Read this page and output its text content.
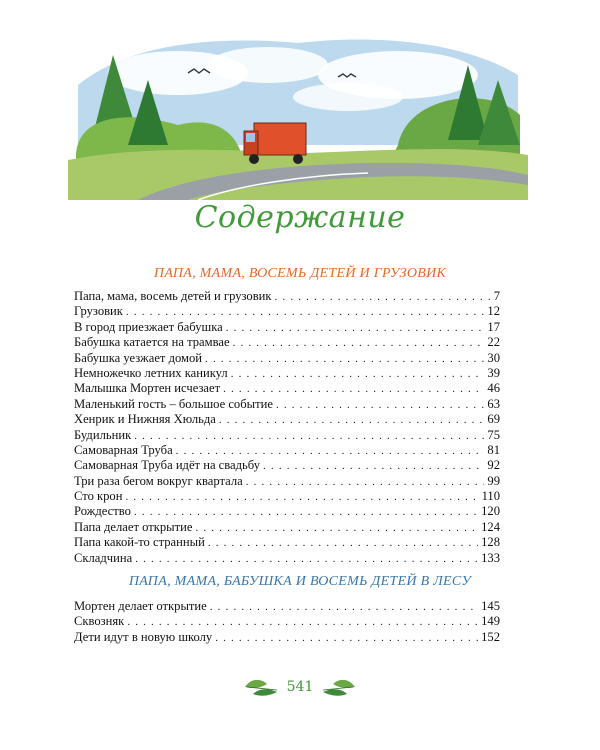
Содержание
ПАПА, МАМА, ВОСЕМЬ ДЕТЕЙ И ГРУЗОВИК
Папа, мама, восемь детей и грузовик . . .	7
Грузовик . . .	12
В город приезжает бабушка . . .	17
Бабушка катается на трамвае . . .	22
Бабушка уезжает домой . . .	30
Немножечко летних каникул . . .	39
Малышка Мортен исчезает . . .	46
Маленький гость – большое событие . . .	63
Хенрик и Нижняя Хюльда . . .	69
Будильник . . .	75
Самоварная Труба . . .	81
Самоварная Труба идёт на свадьбу . . .	92
Три раза бегом вокруг квартала . . .	99
Сто крон . . .	110
Рождество . . .	120
Папа делает открытие . . .	124
Папа какой-то странный . . .	128
Складчина . . .	133
ПАПА, МАМА, БАБУШКА И ВОСЕМЬ ДЕТЕЙ В ЛЕСУ
Мортен делает открытие . . .	145
Сквозняк . . .	149
Дети идут в новую школу . . .	152
541
